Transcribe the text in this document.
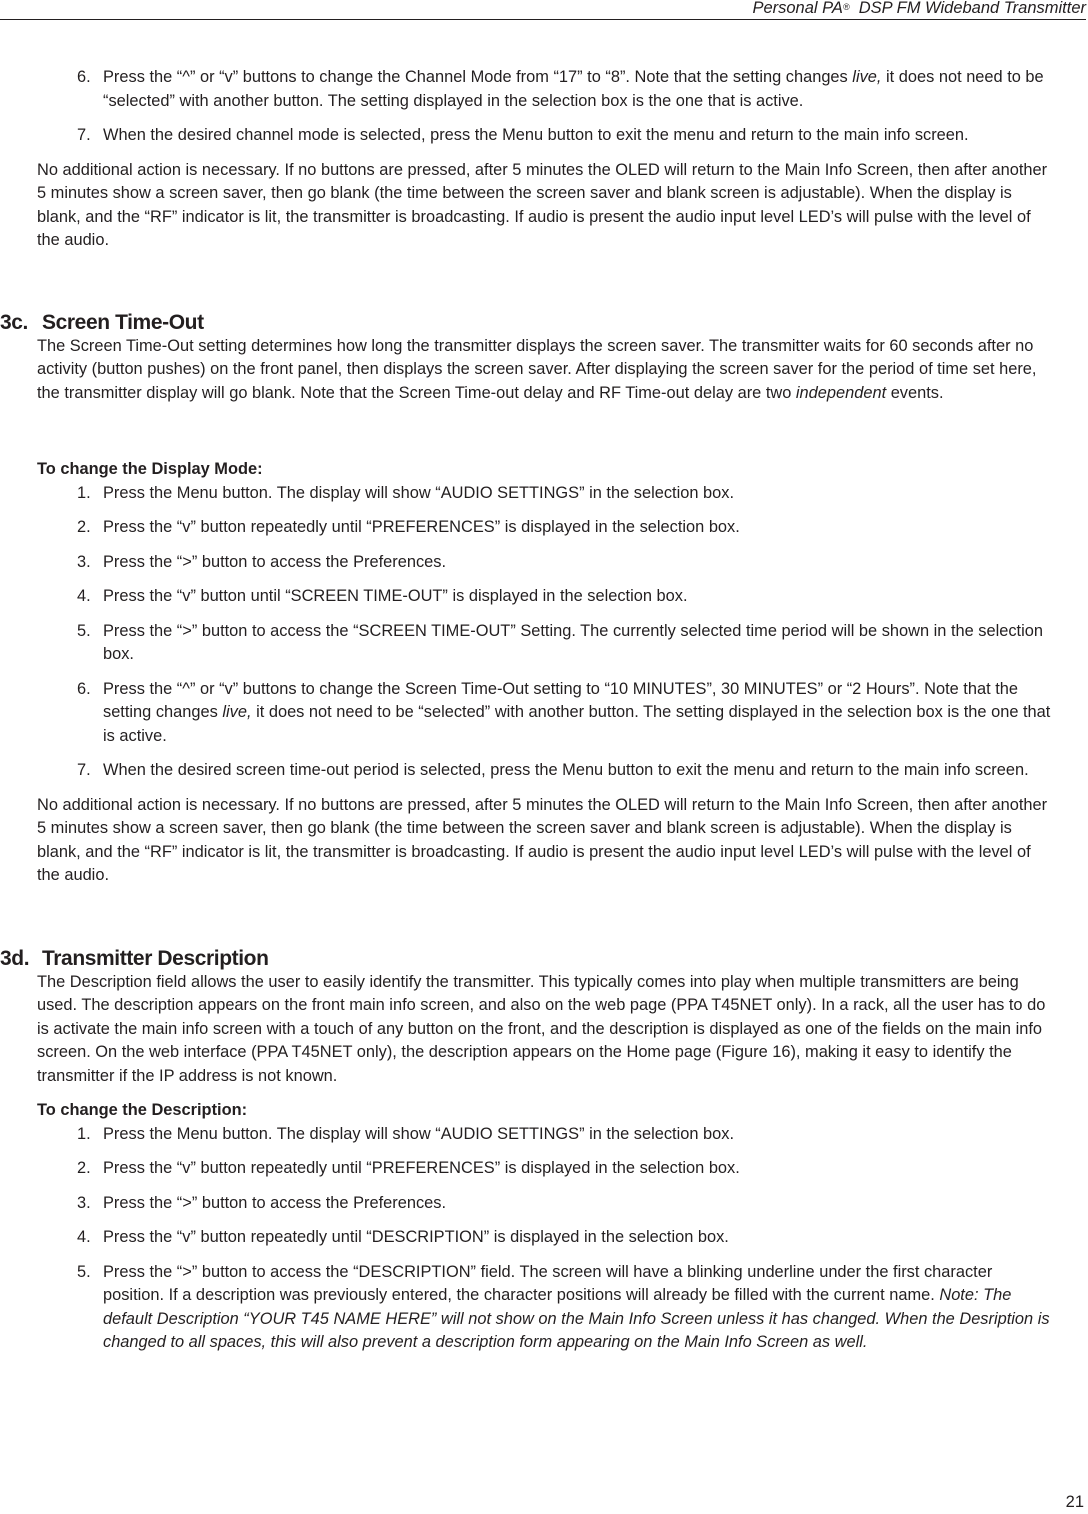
Personal PA® DSP FM Wideband Transmitter
6. Press the “^” or “v” buttons to change the Channel Mode from “17” to “8”. Note that the setting changes live, it does not need to be “selected” with another button. The setting displayed in the selection box is the one that is active.
7. When the desired channel mode is selected, press the Menu button to exit the menu and return to the main info screen.

No additional action is necessary. If no buttons are pressed, after 5 minutes the OLED will return to the Main Info Screen, then after another 5 minutes show a screen saver, then go blank (the time between the screen saver and blank screen is adjustable). When the display is blank, and the “RF” indicator is lit, the transmitter is broadcasting. If audio is present the audio input level LED’s will pulse with the level of the audio.

3c. Screen Time-Out

The Screen Time-Out setting determines how long the transmitter displays the screen saver. The transmitter waits for 60 seconds after no activity (button pushes) on the front panel, then displays the screen saver. After displaying the screen saver for the period of time set here, the transmitter display will go blank. Note that the Screen Time-out delay and RF Time-out delay are two independent events.

To change the Display Mode:
1. Press the Menu button. The display will show “AUDIO SETTINGS” in the selection box.
2. Press the “v” button repeatedly until “PREFERENCES” is displayed in the selection box.
3. Press the “>” button to access the Preferences.
4. Press the “v” button until “SCREEN TIME-OUT” is displayed in the selection box.
5. Press the “>” button to access the “SCREEN TIME-OUT” Setting. The currently selected time period will be shown in the selection box.
6. Press the “^” or “v” buttons to change the Screen Time-Out setting to “10 MINUTES”, 30 MINUTES” or “2 Hours”. Note that the setting changes live, it does not need to be “selected” with another button. The setting displayed in the selection box is the one that is active.
7. When the desired screen time-out period is selected, press the Menu button to exit the menu and return to the main info screen.

No additional action is necessary. If no buttons are pressed, after 5 minutes the OLED will return to the Main Info Screen, then after another 5 minutes show a screen saver, then go blank (the time between the screen saver and blank screen is adjustable). When the display is blank, and the “RF” indicator is lit, the transmitter is broadcasting. If audio is present the audio input level LED’s will pulse with the level of the audio.

3d. Transmitter Description

The Description field allows the user to easily identify the transmitter. This typically comes into play when multiple transmitters are being used. The description appears on the front main info screen, and also on the web page (PPA T45NET only). In a rack, all the user has to do is activate the main info screen with a touch of any button on the front, and the description is displayed as one of the fields on the main info screen. On the web interface (PPA T45NET only), the description appears on the Home page (Figure 16), making it easy to identify the transmitter if the IP address is not known.

To change the Description:
1. Press the Menu button. The display will show “AUDIO SETTINGS” in the selection box.
2. Press the “v” button repeatedly until “PREFERENCES” is displayed in the selection box.
3. Press the “>” button to access the Preferences.
4. Press the “v” button repeatedly until “DESCRIPTION” is displayed in the selection box.
5. Press the “>” button to access the “DESCRIPTION” field. The screen will have a blinking underline under the first character position. If a description was previously entered, the character positions will already be filled with the current name. Note: The default Description “YOUR T45 NAME HERE” will not show on the Main Info Screen unless it has changed. When the Desription is changed to all spaces, this will also prevent a description form appearing on the Main Info Screen as well.
21
